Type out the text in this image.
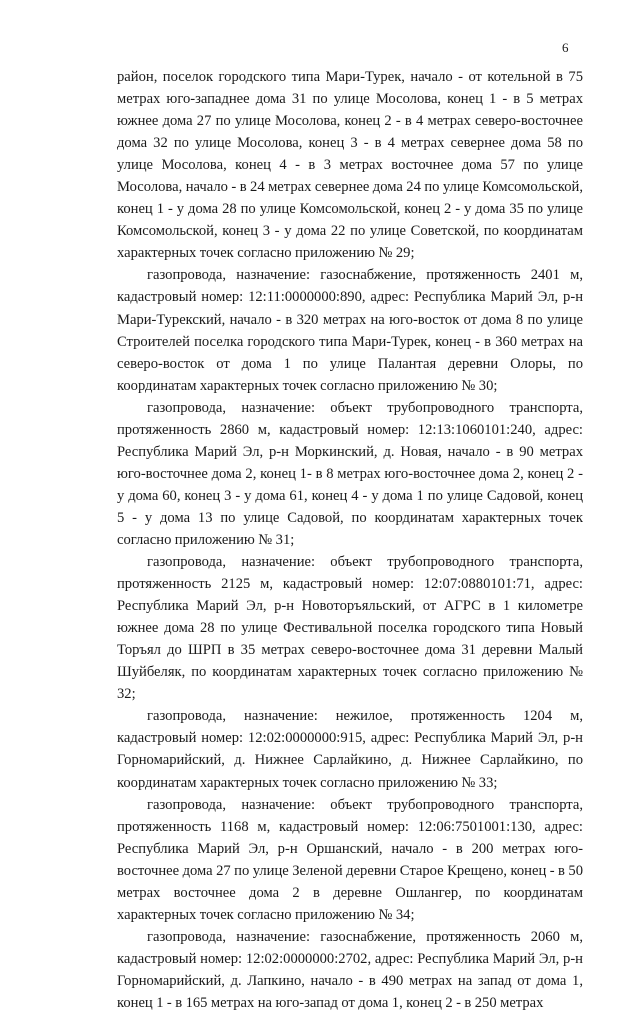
6

район, поселок городского типа Мари-Турек, начало - от котельной в 75 метрах юго-западнее дома 31 по улице Мосолова, конец 1 - в 5 метрах южнее дома 27 по улице Мосолова, конец 2 - в 4 метрах северо-восточнее дома 32 по улице Мосолова, конец 3 - в 4 метрах севернее дома 58 по улице Мосолова, конец 4 - в 3 метрах восточнее дома 57 по улице Мосолова, начало - в 24 метрах севернее дома 24 по улице Комсомольской, конец 1 - у дома 28 по улице Комсомольской, конец 2 - у дома 35 по улице Комсомольской, конец 3 - у дома 22 по улице Советской, по координатам характерных точек согласно приложению № 29;

газопровода, назначение: газоснабжение, протяженность 2401 м, кадастровый номер: 12:11:0000000:890, адрес: Республика Марий Эл, р-н Мари-Турекский, начало - в 320 метрах на юго-восток от дома 8 по улице Строителей поселка городского типа Мари-Турек, конец - в 360 метрах на северо-восток от дома 1 по улице Палантая деревни Олоры, по координатам характерных точек согласно приложению № 30;

газопровода, назначение: объект трубопроводного транспорта, протяженность 2860 м, кадастровый номер: 12:13:1060101:240, адрес: Республика Марий Эл, р-н Моркинский, д. Новая, начало - в 90 метрах юго-восточнее дома 2, конец 1- в 8 метрах юго-восточнее дома 2, конец 2 - у дома 60, конец 3 - у дома 61, конец 4 - у дома 1 по улице Садовой, конец 5 - у дома 13 по улице Садовой, по координатам характерных точек согласно приложению № 31;

газопровода, назначение: объект трубопроводного транспорта, протяженность 2125 м, кадастровый номер: 12:07:0880101:71, адрес: Республика Марий Эл, р-н Новоторъяльский, от АГРС в 1 километре южнее дома 28 по улице Фестивальной поселка городского типа Новый Торъял до ШРП в 35 метрах северо-восточнее дома 31 деревни Малый Шуйбеляк, по координатам характерных точек согласно приложению № 32;

газопровода, назначение: нежилое, протяженность 1204 м, кадастровый номер: 12:02:0000000:915, адрес: Республика Марий Эл, р-н Горномарийский, д. Нижнее Сарлайкино, д. Нижнее Сарлайкино, по координатам характерных точек согласно приложению № 33;

газопровода, назначение: объект трубопроводного транспорта, протяженность 1168 м, кадастровый номер: 12:06:7501001:130, адрес: Республика Марий Эл, р-н Оршанский, начало - в 200 метрах юго-восточнее дома 27 по улице Зеленой деревни Старое Крещено, конец - в 50 метрах восточнее дома 2 в деревне Ошлангер, по координатам характерных точек согласно приложению № 34;

газопровода, назначение: газоснабжение, протяженность 2060 м, кадастровый номер: 12:02:0000000:2702, адрес: Республика Марий Эл, р-н Горномарийский, д. Лапкино, начало - в 490 метрах на запад от дома 1, конец 1 - в 165 метрах на юго-запад от дома 1, конец 2 - в 250 метрах
